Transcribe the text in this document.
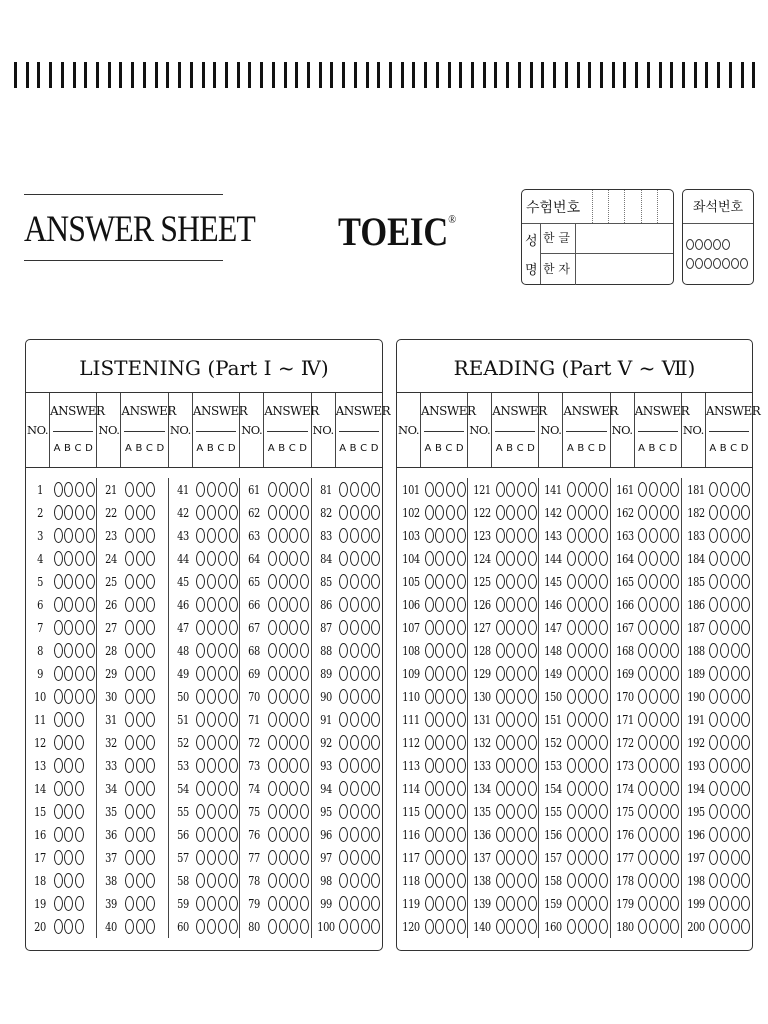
ANSWER SHEET TOEIC®
수험번호
성
명
한 글
한 자
좌석번호
LISTENING (Part Ⅰ ~ Ⅳ)
NO.
ANSWER
A B C D
NO.
ANSWER
A B C D
NO.
ANSWER
A B C D
NO.
ANSWER
A B C D
NO.
ANSWER
A B C D
1
2
3
4
5
6
7
8
9
10
11
12
13
14
15
16
17
18
19
20
21
22
23
24
25
26
27
28
29
30
31
32
33
34
35
36
37
38
39
40
41
42
43
44
45
46
47
48
49
50
51
52
53
54
55
56
57
58
59
60
61
62
63
64
65
66
67
68
69
70
71
72
73
74
75
76
77
78
79
80
81
82
83
84
85
86
87
88
89
90
91
92
93
94
95
96
97
98
99
100
READING (Part Ⅴ ~ Ⅶ)
NO.
ANSWER
A B C D
NO.
ANSWER
A B C D
NO.
ANSWER
A B C D
NO.
ANSWER
A B C D
NO.
ANSWER
A B C D
101
102
103
104
105
106
107
108
109
110
111
112
113
114
115
116
117
118
119
120
121
122
123
124
125
126
127
128
129
130
131
132
133
134
135
136
137
138
139
140
141
142
143
144
145
146
147
148
149
150
151
152
153
154
155
156
157
158
159
160
161
162
163
164
165
166
167
168
169
170
171
172
173
174
175
176
177
178
179
180
181
182
183
184
185
186
187
188
189
190
191
192
193
194
195
196
197
198
199
200
